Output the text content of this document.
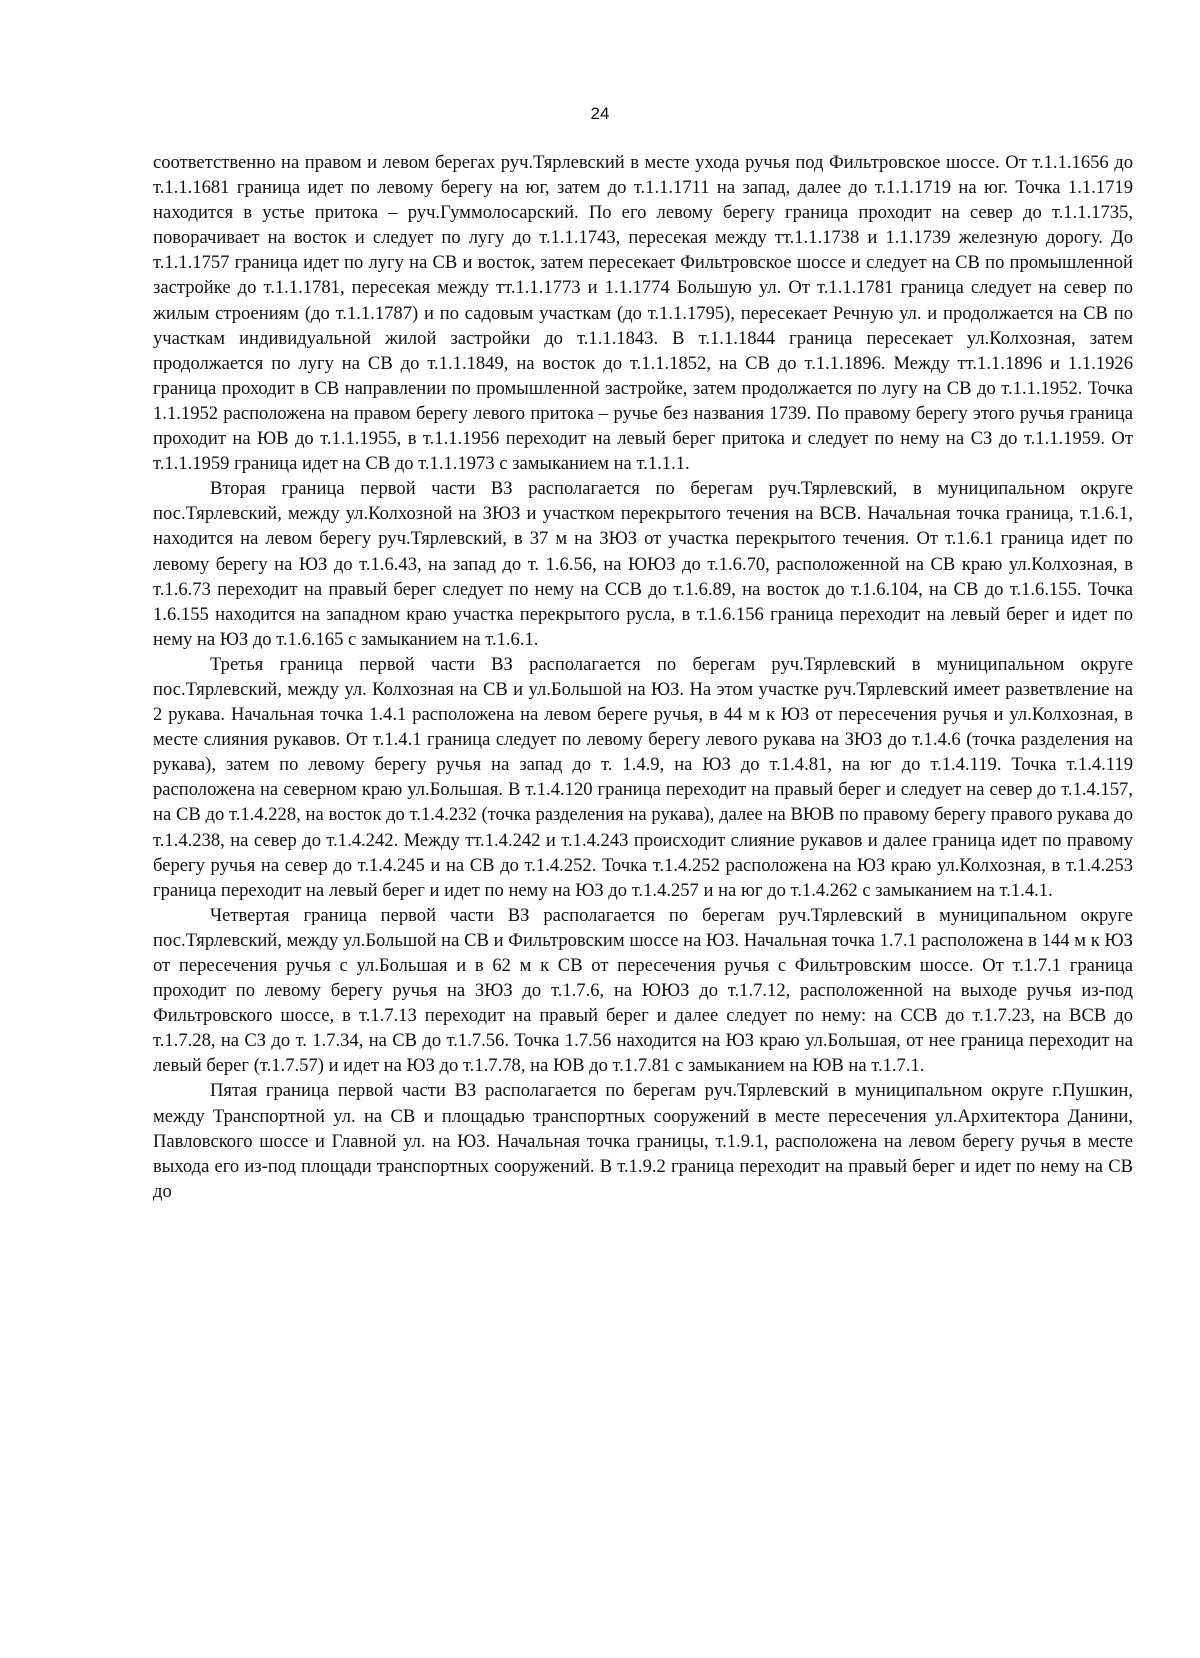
24

соответственно на правом и левом берегах руч.Тярлевский в месте ухода ручья под Фильтровское шоссе. От т.1.1.1656 до т.1.1.1681 граница идет по левому берегу на юг, затем до т.1.1.1711 на запад, далее до т.1.1.1719 на юг. Точка 1.1.1719 находится в устье притока – руч.Гуммолосарский. По его левому берегу граница проходит на север до т.1.1.1735, поворачивает на восток и следует по лугу до т.1.1.1743, пересекая между тт.1.1.1738 и 1.1.1739 железную дорогу. До т.1.1.1757 граница идет по лугу на СВ и восток, затем пересекает Фильтровское шоссе и следует на СВ по промышленной застройке до т.1.1.1781, пересекая между тт.1.1.1773 и 1.1.1774 Большую ул. От т.1.1.1781 граница следует на север по жилым строениям (до т.1.1.1787) и по садовым участкам (до т.1.1.1795), пересекает Речную ул. и продолжается на СВ по участкам индивидуальной жилой застройки до т.1.1.1843. В т.1.1.1844 граница пересекает ул.Колхозная, затем продолжается по лугу на СВ до т.1.1.1849, на восток до т.1.1.1852, на СВ до т.1.1.1896. Между тт.1.1.1896 и 1.1.1926 граница проходит в СВ направлении по промышленной застройке, затем продолжается по лугу на СВ до т.1.1.1952. Точка 1.1.1952 расположена на правом берегу левого притока – ручье без названия 1739. По правому берегу этого ручья граница проходит на ЮВ до т.1.1.1955, в т.1.1.1956 переходит на левый берег притока и следует по нему на СЗ до т.1.1.1959. От т.1.1.1959 граница идет на СВ до т.1.1.1973 с замыканием на т.1.1.1.

Вторая граница первой части ВЗ располагается по берегам руч.Тярлевский, в муниципальном округе пос.Тярлевский, между ул.Колхозной на ЗЮЗ и участком перекрытого течения на ВСВ. Начальная точка граница, т.1.6.1, находится на левом берегу руч.Тярлевский, в 37 м на ЗЮЗ от участка перекрытого течения. От т.1.6.1 граница идет по левому берегу на ЮЗ до т.1.6.43, на запад до т. 1.6.56, на ЮЮЗ до т.1.6.70, расположенной на СВ краю ул.Колхозная, в т.1.6.73 переходит на правый берег следует по нему на ССВ до т.1.6.89, на восток до т.1.6.104, на СВ до т.1.6.155. Точка 1.6.155 находится на западном краю участка перекрытого русла, в т.1.6.156 граница переходит на левый берег и идет по нему на ЮЗ до т.1.6.165 с замыканием на т.1.6.1.

Третья граница первой части ВЗ располагается по берегам руч.Тярлевский в муниципальном округе пос.Тярлевский, между ул. Колхозная на СВ и ул.Большой на ЮЗ. На этом участке руч.Тярлевский имеет разветвление на 2 рукава. Начальная точка 1.4.1 расположена на левом береге ручья, в 44 м к ЮЗ от пересечения ручья и ул.Колхозная, в месте слияния рукавов. От т.1.4.1 граница следует по левому берегу левого рукава на ЗЮЗ до т.1.4.6 (точка разделения на рукава), затем по левому берегу ручья на запад до т. 1.4.9, на ЮЗ до т.1.4.81, на юг до т.1.4.119. Точка т.1.4.119 расположена на северном краю ул.Большая. В т.1.4.120 граница переходит на правый берег и следует на север до т.1.4.157, на СВ до т.1.4.228, на восток до т.1.4.232 (точка разделения на рукава), далее на ВЮВ по правому берегу правого рукава до т.1.4.238, на север до т.1.4.242. Между тт.1.4.242 и т.1.4.243 происходит слияние рукавов и далее граница идет по правому берегу ручья на север до т.1.4.245 и на СВ до т.1.4.252. Точка т.1.4.252 расположена на ЮЗ краю ул.Колхозная, в т.1.4.253 граница переходит на левый берег и идет по нему на ЮЗ до т.1.4.257 и на юг до т.1.4.262 с замыканием на т.1.4.1.

Четвертая граница первой части ВЗ располагается по берегам руч.Тярлевский в муниципальном округе пос.Тярлевский, между ул.Большой на СВ и Фильтровским шоссе на ЮЗ. Начальная точка 1.7.1 расположена в 144 м к ЮЗ от пересечения ручья с ул.Большая и в 62 м к СВ от пересечения ручья с Фильтровским шоссе. От т.1.7.1 граница проходит по левому берегу ручья на ЗЮЗ до т.1.7.6, на ЮЮЗ до т.1.7.12, расположенной на выходе ручья из-под Фильтровского шоссе, в т.1.7.13 переходит на правый берег и далее следует по нему: на ССВ до т.1.7.23, на ВСВ до т.1.7.28, на СЗ до т. 1.7.34, на СВ до т.1.7.56. Точка 1.7.56 находится на ЮЗ краю ул.Большая, от нее граница переходит на левый берег (т.1.7.57) и идет на ЮЗ до т.1.7.78, на ЮВ до т.1.7.81 с замыканием на ЮВ на т.1.7.1.

Пятая граница первой части ВЗ располагается по берегам руч.Тярлевский в муниципальном округе г.Пушкин, между Транспортной ул. на СВ и площадью транспортных сооружений в месте пересечения ул.Архитектора Данини, Павловского шоссе и Главной ул. на ЮЗ. Начальная точка границы, т.1.9.1, расположена на левом берегу ручья в месте выхода его из-под площади транспортных сооружений. В т.1.9.2 граница переходит на правый берег и идет по нему на СВ до
